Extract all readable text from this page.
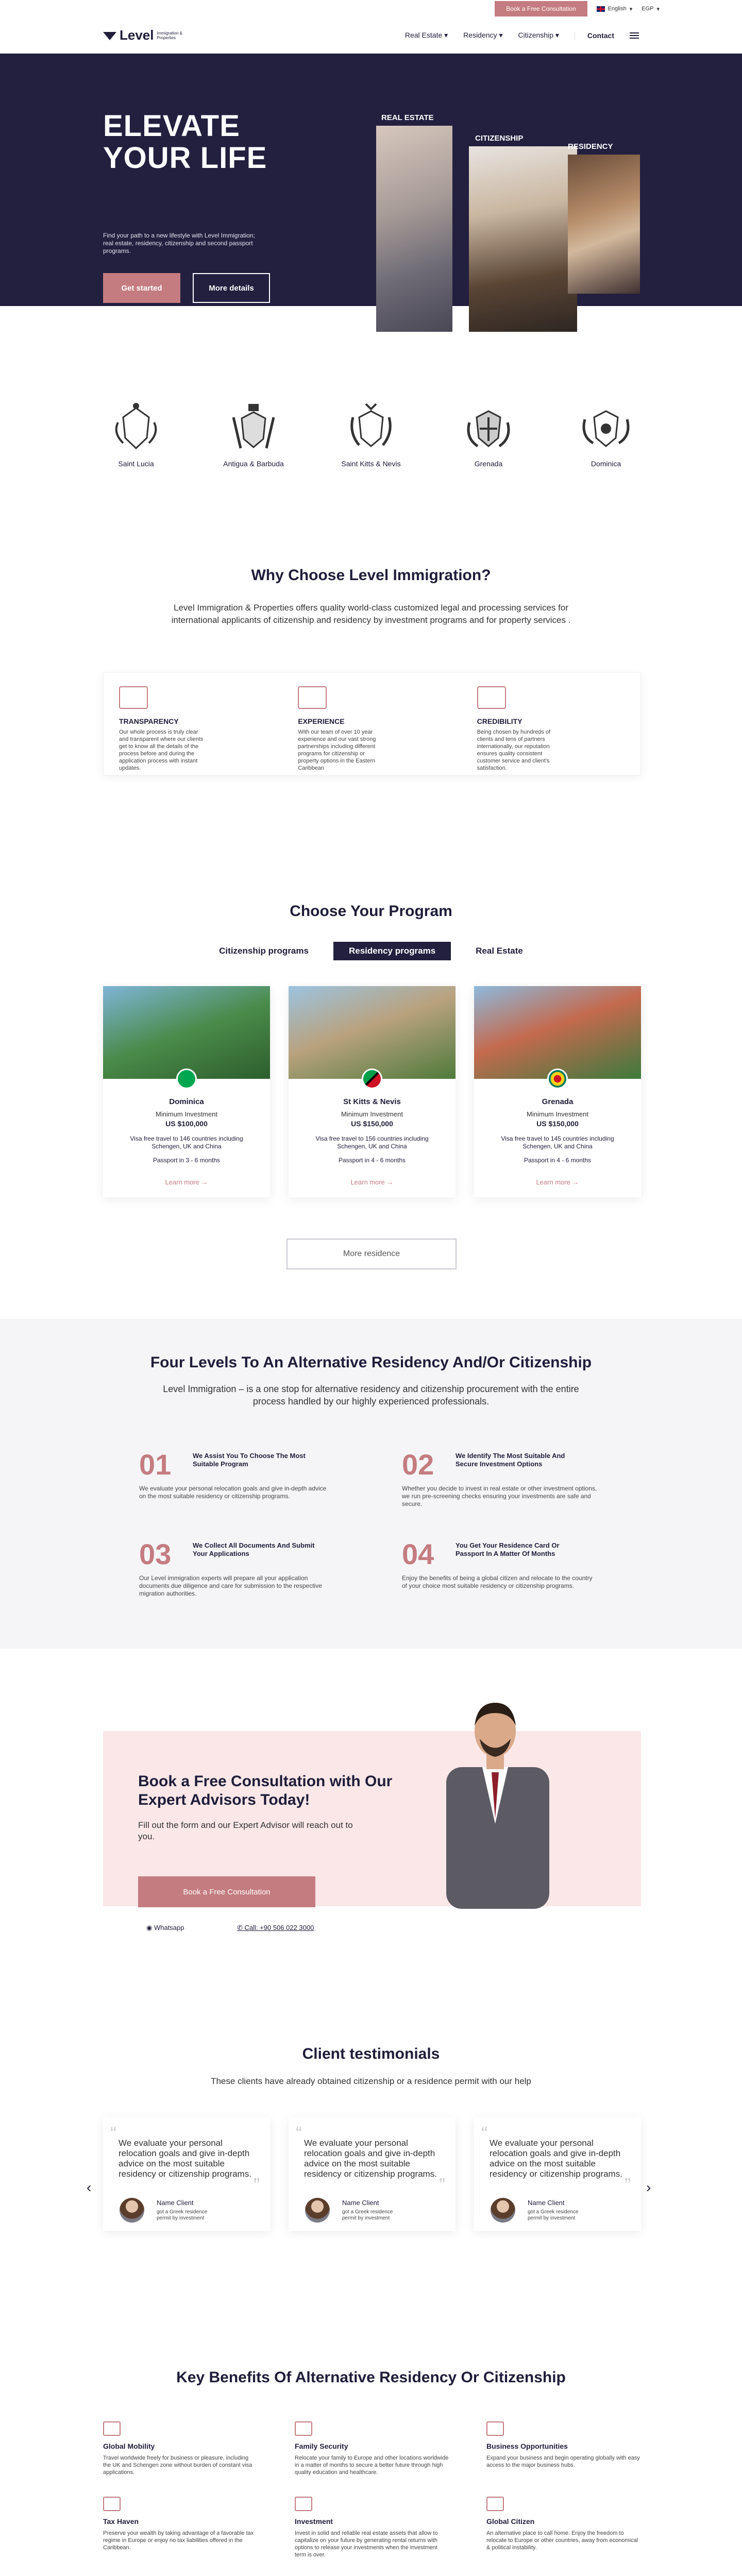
Book a Free Consultation	English ▾ EGP ▾
Level Immigration & Properties	Real Estate ▾ Residency ▾ Citizenship ▾	Contact
ELEVATE YOUR LIFE

Find your path to a new lifestyle with Level Immigration; real estate, residency, citizenship and second passport programs.

Get started	More details
REAL ESTATE
CITIZENSHIP
RESIDENCY
Saint Lucia	Antigua & Barbuda	Saint Kitts & Nevis	Grenada	Dominica
Why Choose Level Immigration?
Level Immigration & Properties offers quality world-class customized legal and processing services for international applicants of citizenship and residency by investment programs and for property services .
TRANSPARENCY

Our whole process is truly clear and transparent where our clients get to know all the details of the process before and during the application process with instant updates.

EXPERIENCE

With our team of over 10 year experience and our vast strong partnerships including different programs for citizenship or property options in the Eastern Caribbean

CREDIBILITY

Being chosen by hundreds of clients and tens of partners internationally, our reputation ensures quality consistent customer service and client's satisfaction.

Choose Your Program
Citizenship programs	Residency programs	Real Estate
Dominica
Minimum Investment
US $100,000
Visa free travel to 146 countries including Schengen, UK and China
Passport in 3 - 6 months
Learn more →
St Kitts & Nevis
Minimum Investment
US $150,000
Visa free travel to 156 countries including Schengen, UK and China
Passport in 4 - 6 months
Learn more →
Grenada
Minimum Investment
US $150,000
Visa free travel to 145 countries including Schengen, UK and China
Passport in 4 - 6 months
Learn more →
More residence
Four Levels To An Alternative Residency And/Or Citizenship
Level Immigration – is a one stop for alternative residency and citizenship procurement with the entire process handled by our highly experienced professionals.
01	We Assist You To Choose The Most Suitable Program

We evaluate your personal relocation goals and give in-depth advice on the most suitable residency or citizenship programs.

02	We Identify The Most Suitable And Secure Investment Options

Whether you decide to invest in real estate or other investment options, we run pre-screening checks ensuring your investments are safe and secure.

03	We Collect All Documents And Submit Your Applications

Our Level immigration experts will prepare all your application documents due diligence and care for submission to the respective migration authorities.

04	You Get Your Residence Card Or Passport In A Matter Of Months

Enjoy the benefits of being a global citizen and relocate to the country of your choice most suitable residency or citizenship programs.

Book a Free Consultation with Our Expert Advisors Today!

Fill out the form and our Expert Advisor will reach out to you.

Book a Free Consultation
◉ Whatsapp	✆ Call: +90 506 022 3000
Client testimonials
These clients have already obtained citizenship or a residence permit with our help
‹	›
“
”
We evaluate your personal relocation goals and give in-depth advice on the most suitable residency or citizenship programs.
Name Client
got a Greek residence permit by investment
“
”
We evaluate your personal relocation goals and give in-depth advice on the most suitable residency or citizenship programs.
Name Client
got a Greek residence permit by investment
“
”
We evaluate your personal relocation goals and give in-depth advice on the most suitable residency or citizenship programs.
Name Client
got a Greek residence permit by investment
Key Benefits Of Alternative Residency Or Citizenship
Global Mobility

Travel worldwide freely for business or pleasure, including the UK and Schengen zone without burden of constant visa applications.

Family Security

Relocate your family to Europe and other locations worldwide in a matter of months to secure a better future through high quality education and healthcare.

Business Opportunities

Expand your business and begin operating globally with easy access to the major business hubs.

Tax Haven

Preserve your wealth by taking advantage of a favorable tax regime in Europe or enjoy no tax liabilities offered in the Caribbean.

Investment

Invest in solid and reliable real estate assets that allow to capitalize on your future by generating rental returns with options to release your investments when the investment term is over.

Global Citizen

An alternative place to call home. Enjoy the freedom to relocate to Europe or other countries, away from economical & political instability.
